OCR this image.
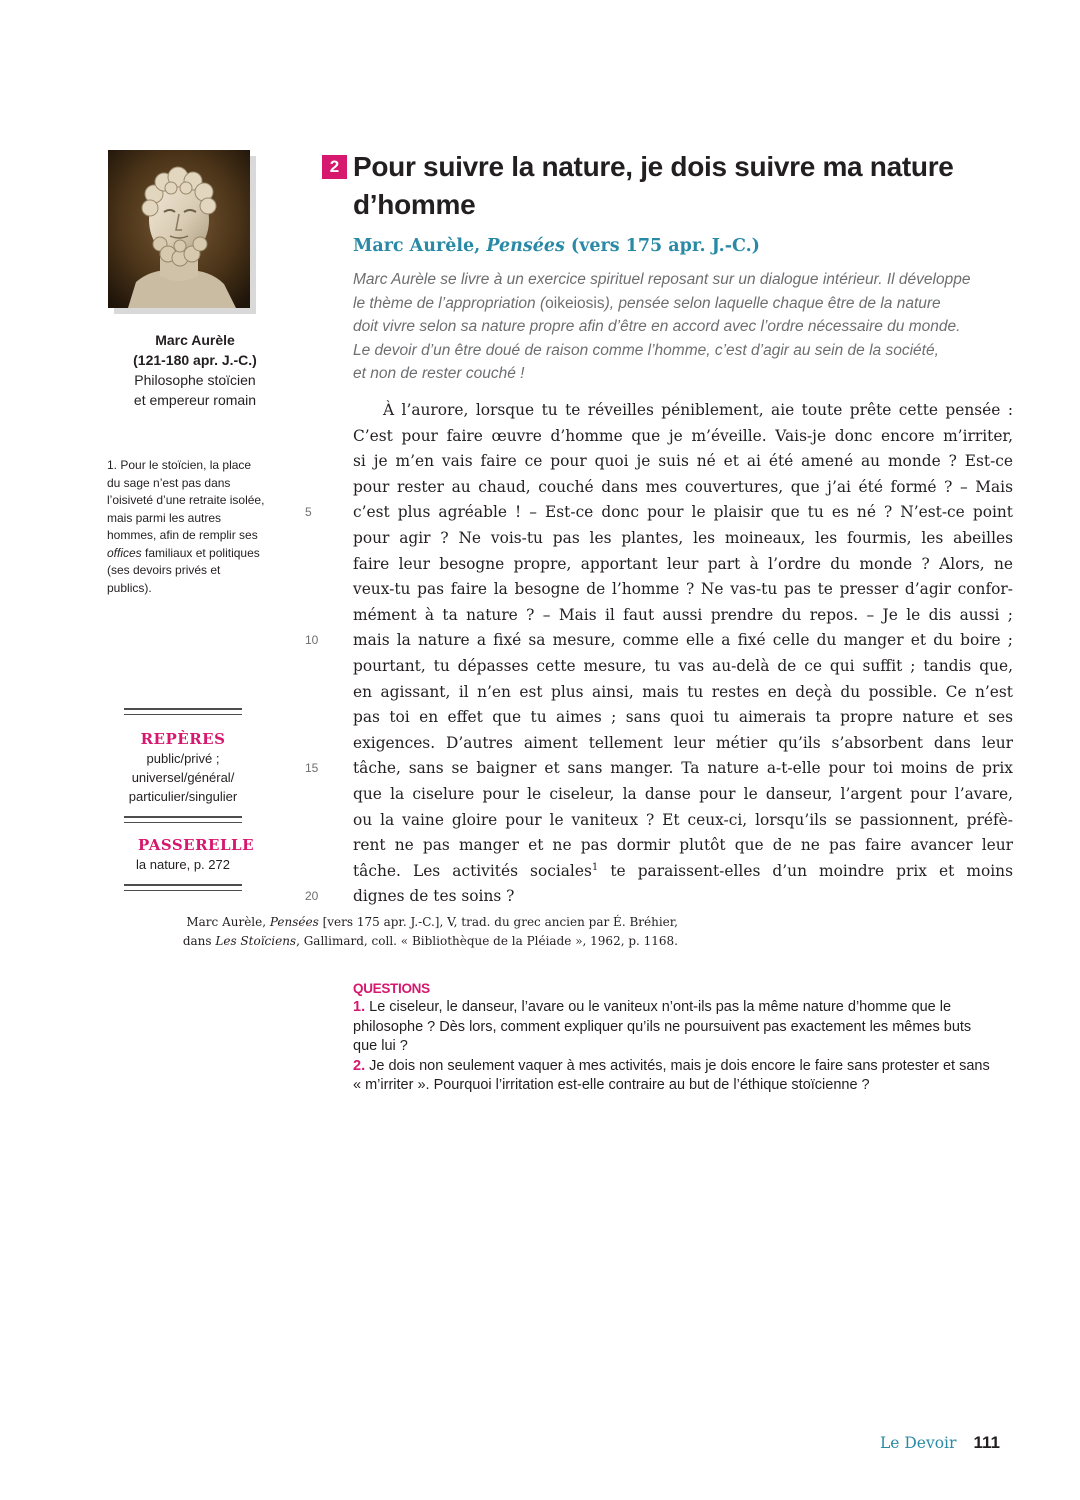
Marc Aurèle
(121-180 apr. J.-C.)
Philosophe stoïcien
et empereur romain
1. Pour le stoïcien, la place du sage n’est pas dans l’oisiveté d’une retraite isolée, mais parmi les autres hommes, afin de remplir ses offices familiaux et politiques (ses devoirs privés et publics).
REPÈRES
public/privé ;
universel/général/
particulier/singulier
PASSERELLE
la nature, p. 272
2 Pour suivre la nature, je dois suivre ma nature d’homme
Marc Aurèle, Pensées (vers 175 apr. J.-C.)
Marc Aurèle se livre à un exercice spirituel reposant sur un dialogue intérieur. Il développe
le thème de l’appropriation (oikeiosis), pensée selon laquelle chaque être de la nature
doit vivre selon sa nature propre afin d’être en accord avec l’ordre nécessaire du monde.
Le devoir d’un être doué de raison comme l’homme, c’est d’agir au sein de la société,
et non de rester couché !
À l’aurore, lorsque tu te réveilles péniblement, aie toute prête cette pensée :
C’est pour faire œuvre d’homme que je m’éveille. Vais-je donc encore m’irriter,
si je m’en vais faire ce pour quoi je suis né et ai été amené au monde ? Est-ce
pour rester au chaud, couché dans mes couvertures, que j’ai été formé ? – Mais
5	c’est plus agréable ! – Est-ce donc pour le plaisir que tu es né ? N’est-ce point
pour agir ? Ne vois-tu pas les plantes, les moineaux, les fourmis, les abeilles
faire leur besogne propre, apportant leur part à l’ordre du monde ? Alors, ne
veux-tu pas faire la besogne de l’homme ? Ne vas-tu pas te presser d’agir confor-
mément à ta nature ? – Mais il faut aussi prendre du repos. – Je le dis aussi ;
10	mais la nature a fixé sa mesure, comme elle a fixé celle du manger et du boire ;
pourtant, tu dépasses cette mesure, tu vas au-delà de ce qui suffit ; tandis que,
en agissant, il n’en est plus ainsi, mais tu restes en deçà du possible. Ce n’est
pas toi en effet que tu aimes ; sans quoi tu aimerais ta propre nature et ses
exigences. D’autres aiment tellement leur métier qu’ils s’absorbent dans leur
15	tâche, sans se baigner et sans manger. Ta nature a-t-elle pour toi moins de prix
que la ciselure pour le ciseleur, la danse pour le danseur, l’argent pour l’avare,
ou la vaine gloire pour le vaniteux ? Et ceux-ci, lorsqu’ils se passionnent, préfè-
rent ne pas manger et ne pas dormir plutôt que de ne pas faire avancer leur
tâche. Les activités sociales$^1$ te paraissent-elles d’un moindre prix et moins
20	dignes de tes soins ?
QUESTIONS
1. Le ciseleur, le danseur, l’avare ou le vaniteux n’ont-ils pas la même nature d’homme que le philosophe ? Dès lors, comment expliquer qu’ils ne poursuivent pas exactement les mêmes buts que lui ?
2. Je dois non seulement vaquer à mes activités, mais je dois encore le faire sans protester et sans « m’irriter ». Pourquoi l’irritation est-elle contraire au but de l’éthique stoïcienne ?
Marc Aurèle, Pensées [vers 175 apr. J.-C.], V, trad. du grec ancien par É. Bréhier,
dans Les Stoïciens, Gallimard, coll. « Bibliothèque de la Pléiade », 1962, p. 1168.
Le Devoir 111
